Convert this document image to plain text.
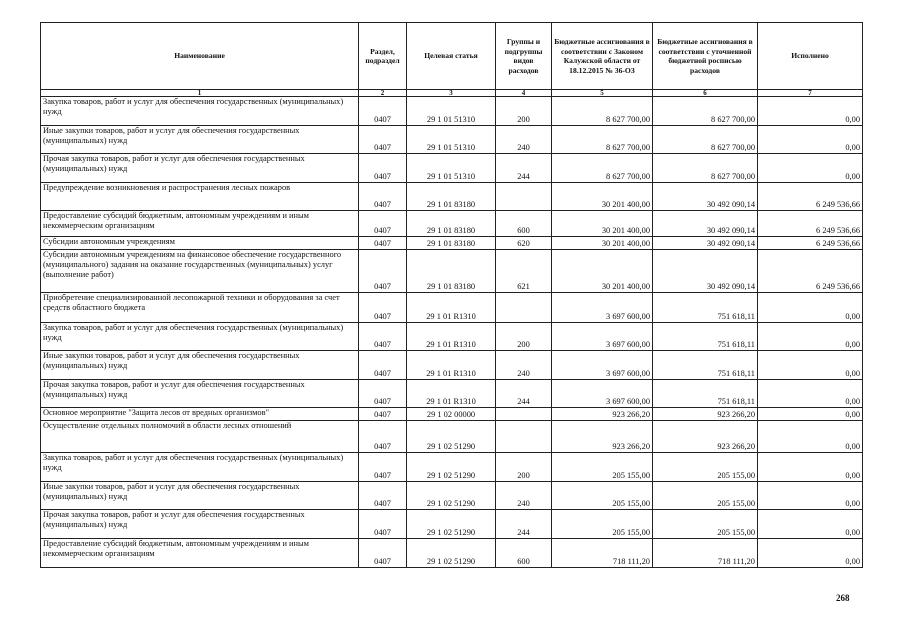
Наименование	Раздел, подраздел	Целевая статья	Группы и подгруппы видов расходов	Бюджетные ассигнования в соответствии с Законом Калужской области от 18.12.2015 № 36-ОЗ	Бюджетные ассигнования в соответствии с уточненной бюджетной росписью расходов	Исполнено
1	2	3	4	5	6	7
Закупка товаров, работ и услуг для обеспечения государственных (муниципальных) нужд	0407	29 1 01 51310	200	8 627 700,00	8 627 700,00	0,00
Иные закупки товаров, работ и услуг для обеспечения государственных (муниципальных) нужд	0407	29 1 01 51310	240	8 627 700,00	8 627 700,00	0,00
Прочая закупка товаров, работ и услуг для обеспечения государственных (муниципальных) нужд	0407	29 1 01 51310	244	8 627 700,00	8 627 700,00	0,00
Предупреждение возникновения и распространения лесных пожаров	0407	29 1 01 83180		30 201 400,00	30 492 090,14	6 249 536,66
Предоставление субсидий бюджетным, автономным учреждениям и иным некоммерческим организациям	0407	29 1 01 83180	600	30 201 400,00	30 492 090,14	6 249 536,66
Субсидии автономным учреждениям	0407	29 1 01 83180	620	30 201 400,00	30 492 090,14	6 249 536,66
Субсидии автономным учреждениям на финансовое обеспечение государственного (муниципального) задания на оказание государственных (муниципальных) услуг (выполнение работ)	0407	29 1 01 83180	621	30 201 400,00	30 492 090,14	6 249 536,66
Приобретение специализированной лесопожарной техники и оборудования за счет средств областного бюджета	0407	29 1 01 R1310		3 697 600,00	751 618,11	0,00
Закупка товаров, работ и услуг для обеспечения государственных (муниципальных) нужд	0407	29 1 01 R1310	200	3 697 600,00	751 618,11	0,00
Иные закупки товаров, работ и услуг для обеспечения государственных (муниципальных) нужд	0407	29 1 01 R1310	240	3 697 600,00	751 618,11	0,00
Прочая закупка товаров, работ и услуг для обеспечения государственных (муниципальных) нужд	0407	29 1 01 R1310	244	3 697 600,00	751 618,11	0,00
Основное мероприятие "Защита лесов от вредных организмов"	0407	29 1 02 00000		923 266,20	923 266,20	0,00
Осуществление отдельных полномочий в области лесных отношений	0407	29 1 02 51290		923 266,20	923 266,20	0,00
Закупка товаров, работ и услуг для обеспечения государственных (муниципальных) нужд	0407	29 1 02 51290	200	205 155,00	205 155,00	0,00
Иные закупки товаров, работ и услуг для обеспечения государственных (муниципальных) нужд	0407	29 1 02 51290	240	205 155,00	205 155,00	0,00
Прочая закупка товаров, работ и услуг для обеспечения государственных (муниципальных) нужд	0407	29 1 02 51290	244	205 155,00	205 155,00	0,00
Предоставление субсидий бюджетным, автономным учреждениям и иным некоммерческим организациям	0407	29 1 02 51290	600	718 111,20	718 111,20	0,00
268
